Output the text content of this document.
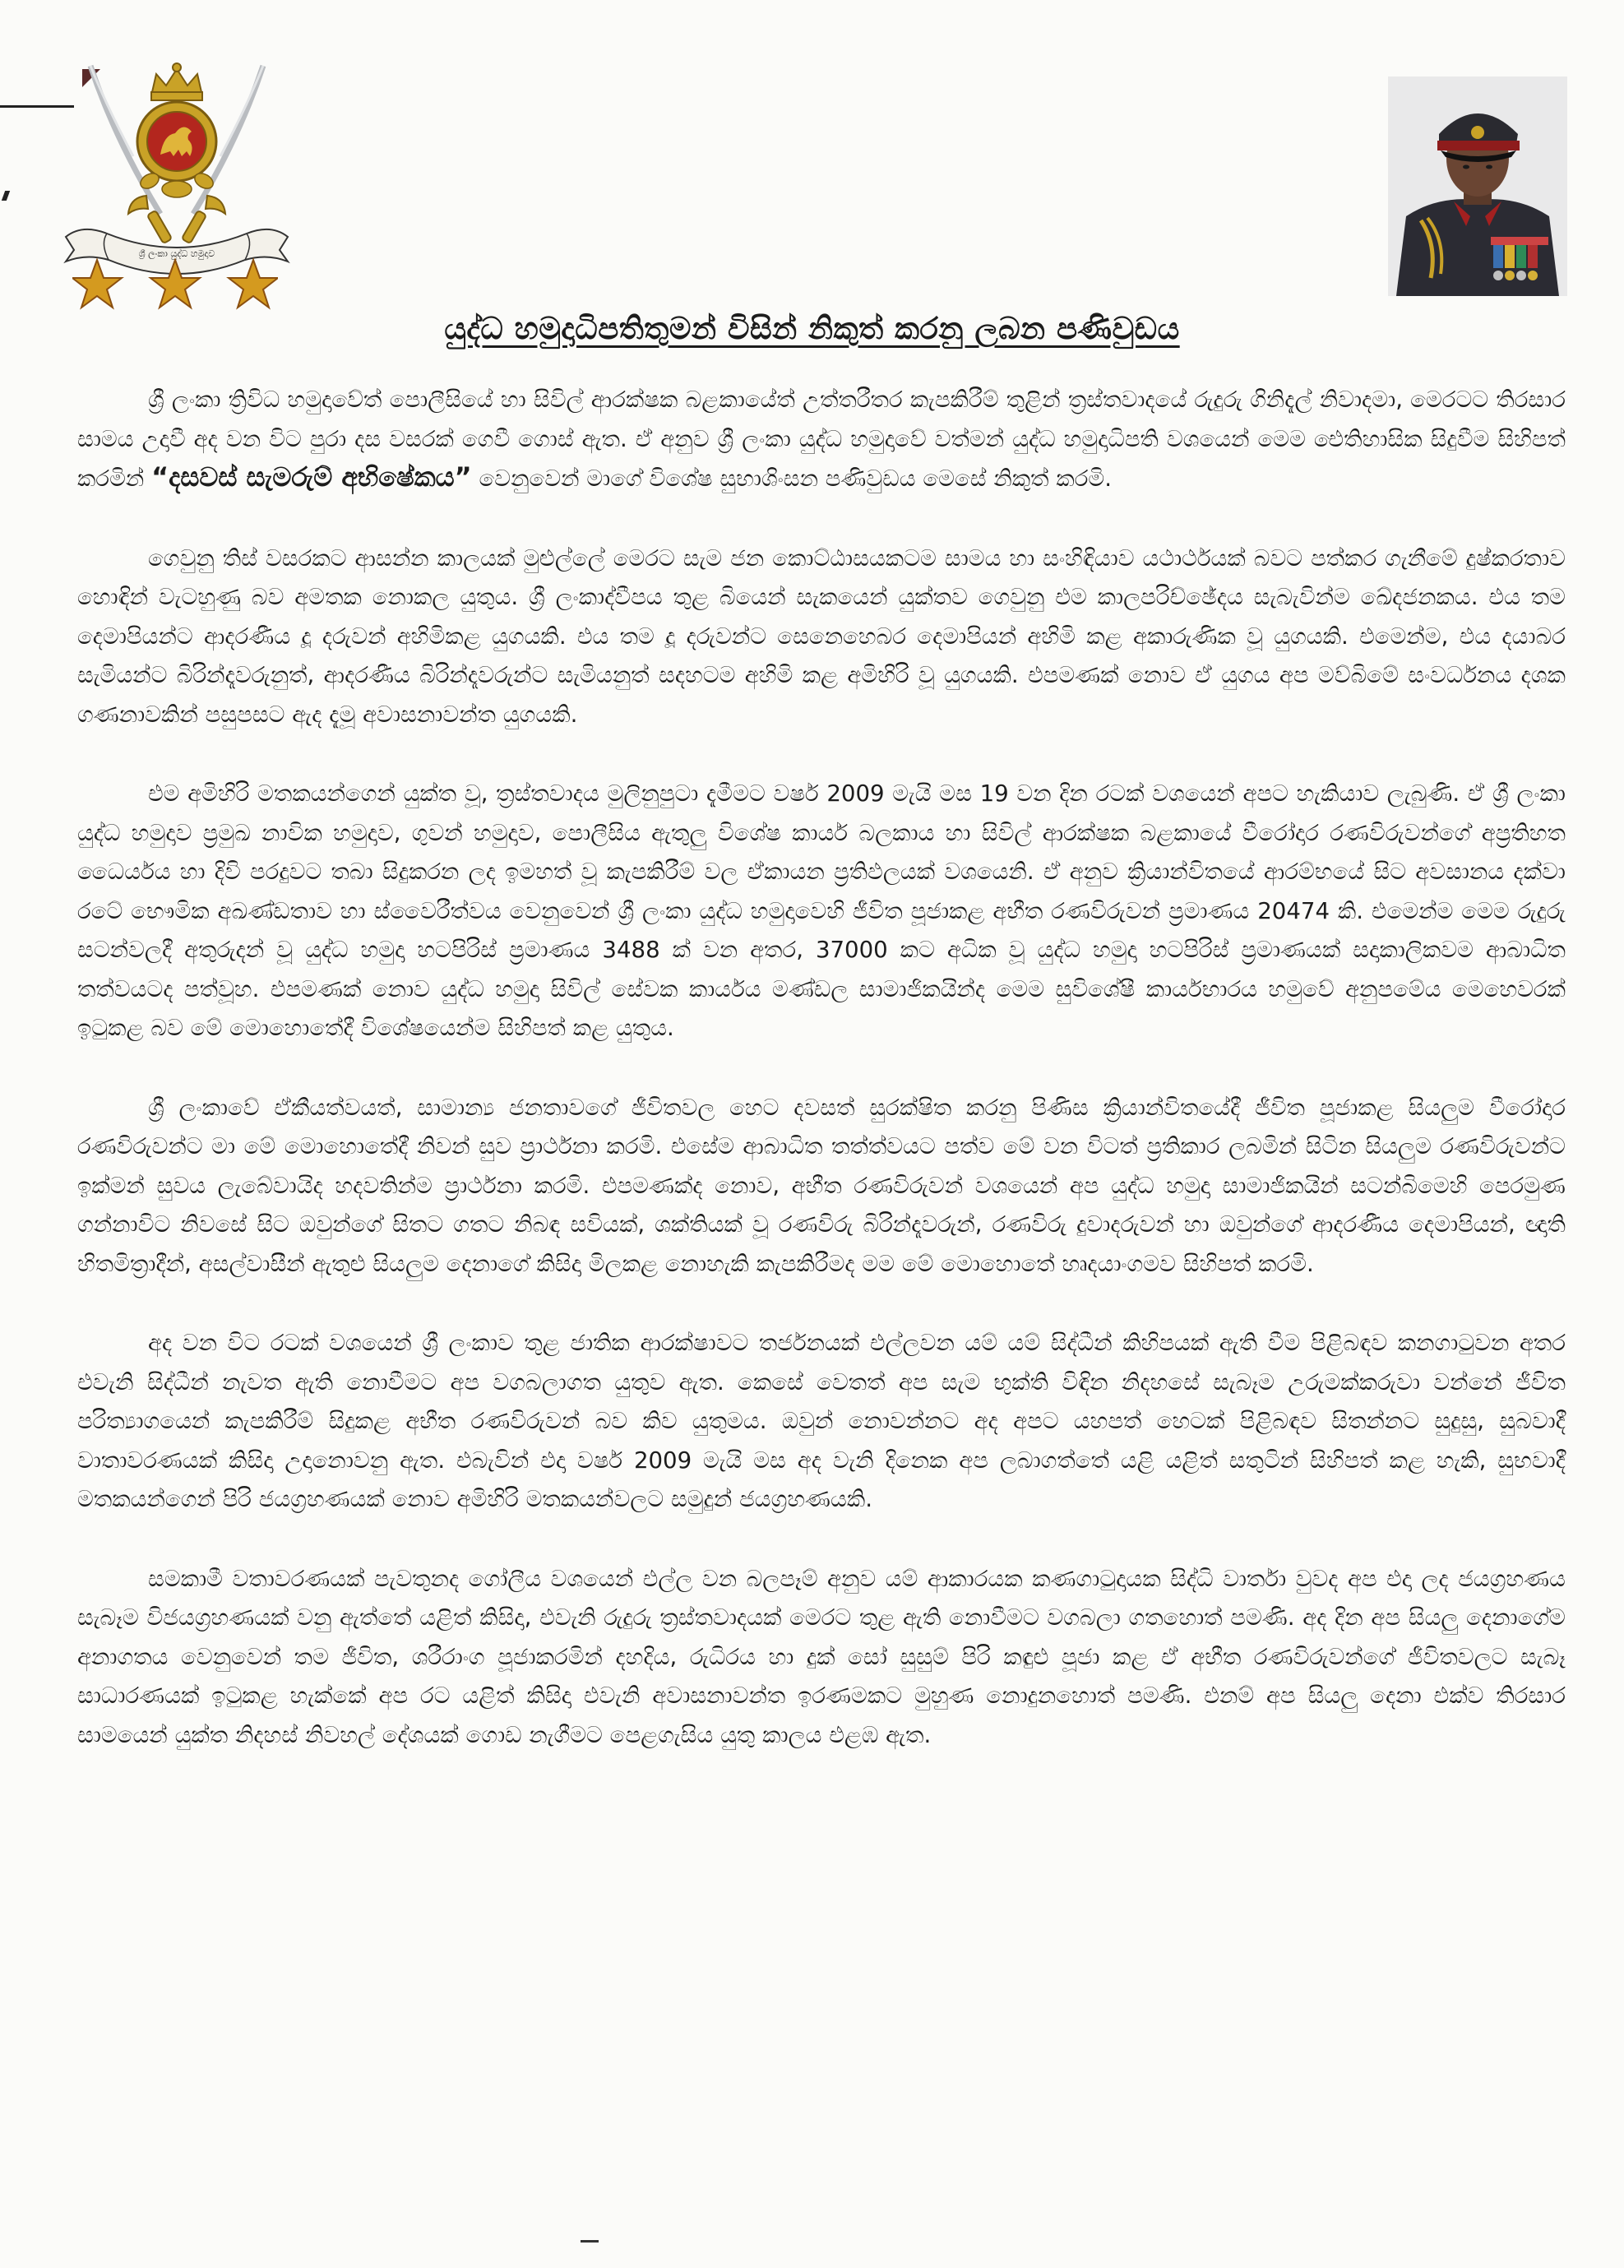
ශ්‍රී ලංකා යුද්ධ හමුදාව
යුද්ධ හමුදාධිපතිතුමන් විසින් නිකුත් කරනු ලබන පණිවුඩය

ශ්‍රී ලංකා ත්‍රිවිධ හමුදාවේත් පොලීසියේ හා සිවිල් ආරක්ෂක බළකායේත් උත්තරීතර කැපකිරීම් තුළින් ත්‍රස්තවාදයේ රුදුරු ගිනිදැල් නිවාදමා, මෙරටට තිරසාර සාමය උදාවී අද වන විට පුරා දස වසරක් ගෙවී ගොස් ඇත. ඒ අනුව ශ්‍රී ලංකා යුද්ධ හමුදාවේ වත්මන් යුද්ධ හමුදාධිපති වශයෙන් මෙම ඓතිහාසික සිදුවීම සිහිපත් කරමින් “දසවස් සැමරුම් අභිෂේකය” වෙනුවෙන් මාගේ විශේෂ සුභාශිංසන පණිවුඩය මෙසේ නිකුත් කරමි.

ගෙවුනු තිස් වසරකට ආසන්න කාලයක් මුළුල්ලේ මෙරට සැම ජන කොට්ඨාසයකටම සාමය හා සංහිඳියාව යථාර්ථයක් බවට පත්කර ගැනීමේ දුෂ්කරතාව හොඳින් වැටහුණු බව අමතක නොකල යුතුය. ශ්‍රී ලංකාද්වීපය තුළ බියෙන් සැකයෙන් යුක්තව ගෙවුනු එම කාලපරිච්ඡේදය සැබැවින්ම ඛේදජනකය. එය තම දෙමාපියන්ට ආදරණීය දූ දරුවන් අහිමිකළ යුගයකි. එය තම දූ දරුවන්ට සෙනෙහෙබර දෙමාපියන් අහිමි කළ අකාරුණික වූ යුගයකි. එමෙන්ම, එය දයාබර සැමියන්ට බිරින්දෑවරුනුත්, ආදරණීය බිරින්දෑවරුන්ට සැමියනුත් සදහටම අහිමි කළ අමිහිරි වූ යුගයකි. එපමණක් නොව ඒ යුගය අප මව්බිමේ සංවර්ධනය දශක ගණනාවකින් පසුපසට ඇද දැමූ අවාසනාවන්ත යුගයකි.

එම අමිහිරි මතකයන්ගෙන් යුක්ත වූ, ත්‍රස්තවාදය මුලිනුපුටා දැමීමට වර්ෂ 2009 මැයි මස 19 වන දින රටක් වශයෙන් අපට හැකියාව ලැබුණි. ඒ ශ්‍රී ලංකා යුද්ධ හමුදාව ප්‍රමුඛ නාවික හමුදාව, ගුවන් හමුදාව, පොලීසිය ඇතුලු විශේෂ කාර්ය බලකාය හා සිවිල් ආරක්ෂක බළකායේ වීරෝදාර රණවිරුවන්ගේ අප්‍රතිහත ධෛර්යය හා දිවි පරදුවට තබා සිදුකරන ලද ඉමහත් වූ කැපකිරීම් වල ඒකායන ප්‍රතිඵලයක් වශයෙනි. ඒ අනුව ක්‍රියාන්විතයේ ආරම්භයේ සිට අවසානය දක්වා රටේ භෞමික අඛණ්ඩතාව හා ස්වෛරීත්වය වෙනුවෙන් ශ්‍රී ලංකා යුද්ධ හමුදාවෙහි ජීවිත පූජාකළ අභීත රණවිරුවන් ප්‍රමාණය 20474 කි. එමෙන්ම මෙම රුදුරු සටන්වලදී අතුරුදන් වූ යුද්ධ හමුදා හටපිරිස් ප්‍රමාණය 3488 ක් වන අතර, 37000 කට අධික වූ යුද්ධ හමුදා හටපිරිස් ප්‍රමාණයක් සදාකාලිකවම ආබාධිත තත්වයටද පත්වූහ. එපමණක් නොව යුද්ධ හමුදා සිවිල් සේවක කාර්යය මණ්ඩල සාමාජිකයින්ද මෙම සුවිශේෂී කාර්යභාරය හමුවේ අනුපමේය මෙහෙවරක් ඉටුකළ බව මේ මොහොතේදී විශේෂයෙන්ම සිහිපත් කළ යුතුය.

ශ්‍රී ලංකාවේ ඒකීයත්වයත්, සාමාන්‍ය ජනතාවගේ ජීවිතවල හෙට දවසත් සුරක්ෂිත කරනු පිණිස ක්‍රියාන්විතයේදී ජීවිත පූජාකළ සියලුම වීරෝදාර රණවිරුවන්ට මා මේ මොහොතේදී නිවන් සුව ප්‍රාර්ථනා කරමි. එසේම ආබාධිත තත්ත්වයට පත්ව මේ වන විටත් ප්‍රතිකාර ලබමින් සිටින සියලුම රණවිරුවන්ට ඉක්මන් සුවය ලැබේවායිද හදවතින්ම ප්‍රාර්ථනා කරමි. එපමණක්ද නොව, අභීත රණවිරුවන් වශයෙන් අප යුද්ධ හමුදා සාමාජිකයින් සටන්බිමෙහි පෙරමුණ ගන්නාවිට නිවසේ සිට ඔවුන්ගේ සිතට ගතට නිබඳ සවියක්, ශක්තියක් වූ රණවිරු බිරින්දෑවරුන්, රණවිරු දුවාදරුවන් හා ඔවුන්ගේ ආදරණීය දෙමාපියන්, ඥාති හිතමිත්‍රාදීන්, අසල්වාසීන් ඇතුළු සියලුම දෙනාගේ කිසිදා මිලකළ නොහැකි කැපකිරීමද මම මේ මොහොතේ හෘදයාංගමව සිහිපත් කරමි.

අද වන විට රටක් වශයෙන් ශ්‍රී ලංකාව තුළ ජාතික ආරක්ෂාවට තර්ජනයක් එල්ලවන යම් යම් සිද්ධීන් කිහිපයක් ඇති වීම පිළිබඳව කනගාටුවන අතර එවැනි සිද්ධීන් නැවත ඇති නොවීමට අප වගබලාගත යුතුව ඇත. කෙසේ වෙතත් අප සැම භුක්ති විඳින නිදහසේ සැබෑම උරුමක්කරුවා වන්නේ ජීවිත පරිත්‍යාගයෙන් කැපකිරීම් සිදුකළ අභීත රණවිරුවන් බව කිව යුතුමය. ඔවුන් නොවන්නට අද අපට යහපත් හෙටක් පිළිබඳව සිතන්නට සුදුසු, සුබවාදී වාතාවරණයක් කිසිදා උදානොවනු ඇත. එබැවින් එදා වර්ෂ 2009 මැයි මස අද වැනි දිනෙක අප ලබාගත්තේ යළි යළිත් සතුටින් සිහිපත් කළ හැකි, සුභවාදී මතකයන්ගෙන් පිරි ජයග්‍රහණයක් නොව අමිහිරි මතකයන්වලට සමුදුන් ජයග්‍රහණයකි.

සමකාමී වතාවරණයක් පැවතුනද ගෝලීය වශයෙන් එල්ල වන බලපෑම් අනුව යම් ආකාරයක කණගාටුදායක සිද්ධි වාර්තා වුවද අප එදා ලද ජයග්‍රහණය සැබෑම විජයග්‍රහණයක් වනු ඇත්තේ යළිත් කිසිදා, එවැනි රුදුරු ත්‍රස්තවාදයක් මෙරට තුළ ඇති නොවීමට වගබලා ගතහොත් පමණි. අද දින අප සියලු දෙනාගේම අනාගතය වෙනුවෙන් තම ජීවිත, ශරීරාංග පූජාකරමින් දහදිය, රුධිරය හා දුක් සෝ සුසුම් පිරි කඳුළු පූජා කළ ඒ අභීත රණවිරුවන්ගේ ජීවිතවලට සැබෑ සාධාරණයක් ඉටුකළ හැක්කේ අප රට යළිත් කිසිදා එවැනි අවාසනාවන්ත ඉරණමකට මුහුණ නොදුනහොත් පමණි. එනම් අප සියලු දෙනා එක්ව තිරසාර සාමයෙන් යුක්ත නිදහස් නිවහල් දේශයක් ගොඩ නැගීමට පෙළගැසිය යුතු කාලය එළඹ ඇත.
